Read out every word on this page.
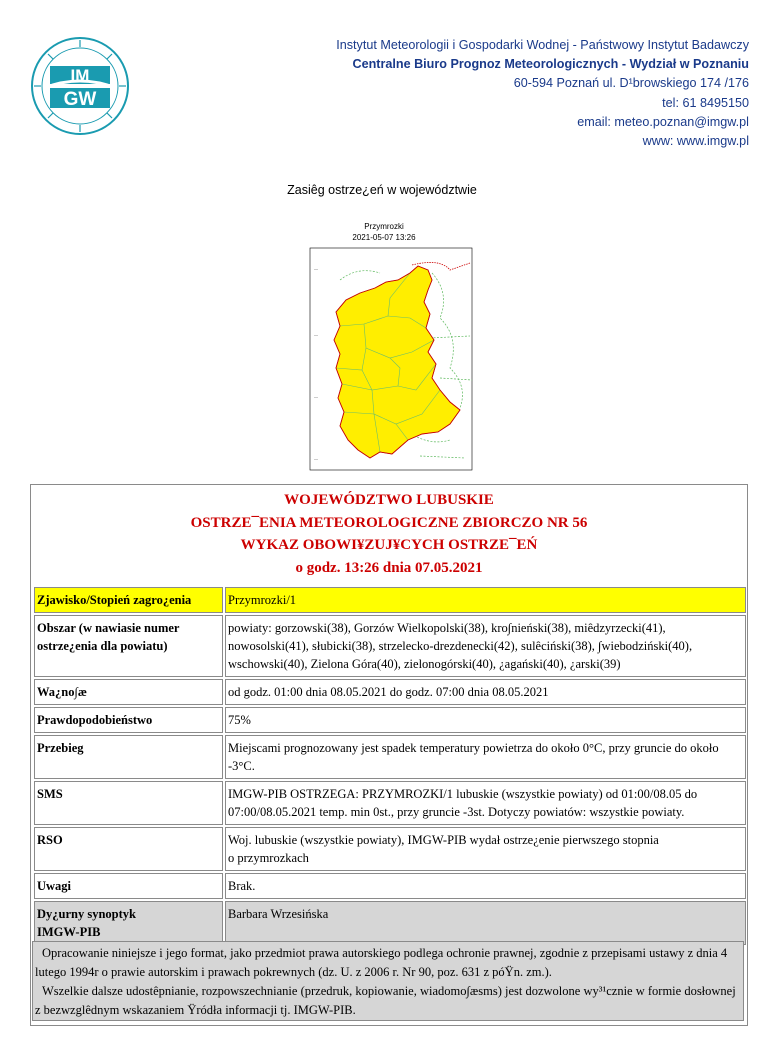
IM
GW
Instytut Meteorologii i Gospodarki Wodnej - Państwowy Instytut Badawczy
Centralne Biuro Prognoz Meteorologicznych - Wydział w Poznaniu
60-594 Poznań ul. D¹browskiego 174 /176
tel: 61 8495150
email: meteo.poznan@imgw.pl
www: www.imgw.pl
Zasiêg ostrze¿eń w województwie
Przymrozki
2021-05-07 13:26
—
—
—
—
WOJEWÓDZTWO LUBUSKIE
OSTRZE¯ENIA METEOROLOGICZNE ZBIORCZO NR 56
WYKAZ OBOWI¥ZUJ¥CYCH OSTRZE¯EŃ
o godz. 13:26 dnia 07.05.2021
Zjawisko/Stopień zagro¿enia	Przymrozki/1
Obszar (w nawiasie numer ostrze¿enia dla powiatu)	powiaty: gorzowski(38), Gorzów Wielkopolski(38), kro∫nieński(38), miêdzyrzecki(41), nowosolski(41), słubicki(38), strzelecko-drezdenecki(42), sulêciński(38), ∫wiebodziński(40), wschowski(40), Zielona Góra(40), zielonogórski(40), ¿agański(40), ¿arski(39)
Wa¿no∫æ	od godz. 01:00 dnia 08.05.2021 do godz. 07:00 dnia 08.05.2021
Prawdopodobieństwo	75%
Przebieg	Miejscami prognozowany jest spadek temperatury powietrza do około 0°C, przy gruncie do około -3°C.
SMS	IMGW-PIB OSTRZEGA: PRZYMROZKI/1 lubuskie (wszystkie powiaty) od 01:00/08.05 do 07:00/08.05.2021 temp. min 0st., przy gruncie -3st. Dotyczy powiatów: wszystkie powiaty.
RSO	Woj. lubuskie (wszystkie powiaty), IMGW-PIB wydał ostrze¿enie pierwszego stopnia
o przymrozkach

Uwagi	Brak.

Dy¿urny synoptyk
IMGW-PIB	Barbara Wrzesińska

Opracowanie niniejsze i jego format, jako przedmiot prawa autorskiego podlega ochronie prawnej, zgodnie z przepisami ustawy z dnia 4 lutego 1994r o prawie autorskim i prawach pokrewnych (dz. U. z 2006 r. Nr 90, poz. 631 z póŸn. zm.).

Wszelkie dalsze udostêpnianie, rozpowszechnianie (przedruk, kopiowanie, wiadomo∫æsms) jest dozwolone wy³¹cznie w formie dosłownej z bezwzglêdnym wskazaniem Ÿródła informacji tj. IMGW-PIB.
